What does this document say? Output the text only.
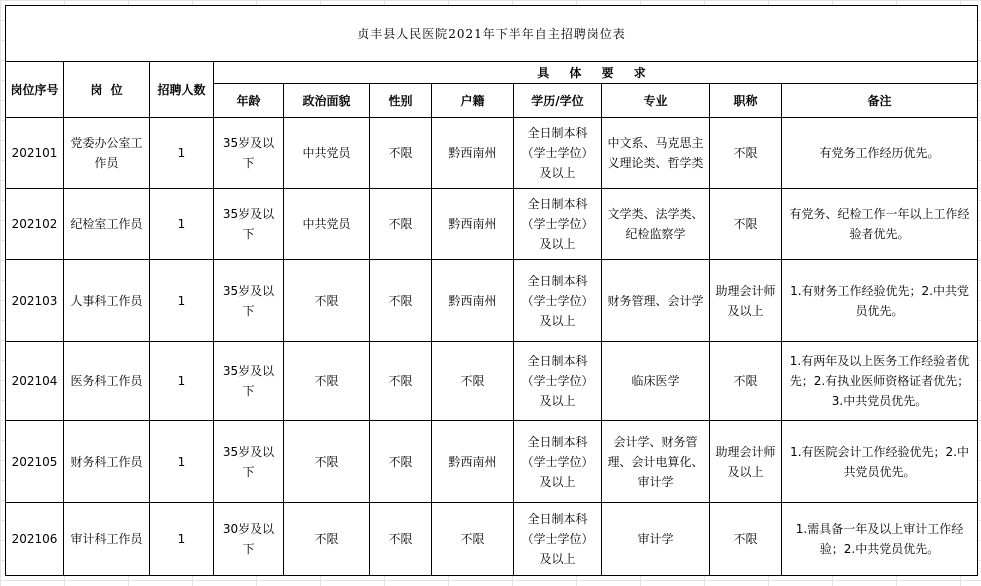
贞丰县人民医院2021年下半年自主招聘岗位表										
岗位序号	岗  位	招聘人数	具 体 要 求							
			年龄	政治面貌	性别	户籍	学历/学位	专业	职称	备注
202101	党委办公室工作员	1	35岁及以下	中共党员	不限	黔西南州	全日制本科（学士学位）及以上	中文系、马克思主义理论类、哲学类	不限	有党务工作经历优先。
202102	纪检室工作员	1	35岁及以下	中共党员	不限	黔西南州	全日制本科（学士学位）及以上	文学类、法学类、纪检监察学	不限	有党务、纪检工作一年以上工作经验者优先。
202103	人事科工作员	1	35岁及以下	不限	不限	黔西南州	全日制本科（学士学位）及以上	财务管理、会计学	助理会计师及以上	1.有财务工作经验优先；2.中共党员优先。
202104	医务科工作员	1	35岁及以下	不限	不限	不限	全日制本科（学士学位）及以上	临床医学	不限	1.有两年及以上医务工作经验者优先；2.有执业医师资格证者优先；3.中共党员优先。
202105	财务科工作员	1	35岁及以下	不限	不限	黔西南州	全日制本科（学士学位）及以上	会计学、财务管理、会计电算化、审计学	助理会计师及以上	1.有医院会计工作经验优先；2.中共党员优先。
202106	审计科工作员	1	30岁及以下	不限	不限	不限	全日制本科（学士学位）及以上	审计学	不限	1.需具备一年及以上审计工作经验；2.中共党员优先。
